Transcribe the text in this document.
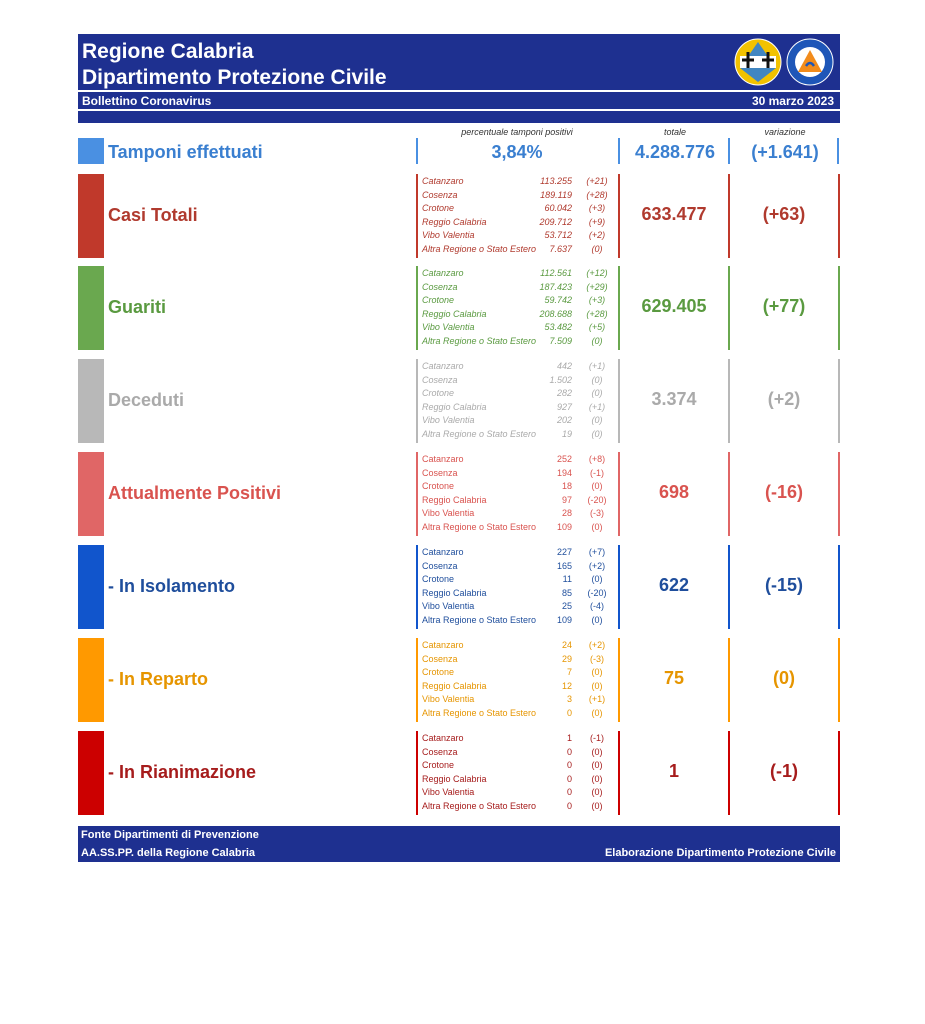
Regione Calabria
Dipartimento Protezione Civile
Bollettino Coronavirus	30 marzo 2023
percentuale tamponi positivi	totale	variazione
Tamponi effettuati	3,84%	4.288.776	(+1.641)
Casi Totali
Catanzaro	113.255	(+21)
Cosenza	189.119	(+28)
Crotone	60.042	(+3)
Reggio Calabria	209.712	(+9)
Vibo Valentia	53.712	(+2)
Altra Regione o Stato Estero 7.637	(0)
633.477	(+63)
Guariti
Catanzaro	112.561	(+12)
Cosenza	187.423	(+29)
Crotone	59.742	(+3)
Reggio Calabria	208.688	(+28)
Vibo Valentia	53.482	(+5)
Altra Regione o Stato Estero 7.509	(0)
629.405	(+77)
Deceduti
Catanzaro	442	(+1)
Cosenza	1.502	(0)
Crotone	282	(0)
Reggio Calabria	927	(+1)
Vibo Valentia	202	(0)
Altra Regione o Stato Estero	19	(0)
3.374	(+2)
Attualmente Positivi
Catanzaro	252	(+8)
Cosenza	194	(-1)
Crotone	18	(0)
Reggio Calabria	97	(-20)
Vibo Valentia	28	(-3)
Altra Regione o Stato Estero 109	(0)
698	(-16)
- In Isolamento
Catanzaro	227	(+7)
Cosenza	165	(+2)
Crotone	11	(0)
Reggio Calabria	85	(-20)
Vibo Valentia	25	(-4)
Altra Regione o Stato Estero 109	(0)
622	(-15)
- In Reparto
Catanzaro	24	(+2)
Cosenza	29	(-3)
Crotone	7	(0)
Reggio Calabria	12	(0)
Vibo Valentia	3	(+1)
Altra Regione o Stato Estero	0	(0)
75	(0)
- In Rianimazione
Catanzaro	1	(-1)
Cosenza	0	(0)
Crotone	0	(0)
Reggio Calabria	0	(0)
Vibo Valentia	0	(0)
Altra Regione o Stato Estero	0	(0)
1	(-1)
Fonte Dipartimenti di Prevenzione
AA.SS.PP. della Regione Calabria	Elaborazione Dipartimento Protezione Civile
